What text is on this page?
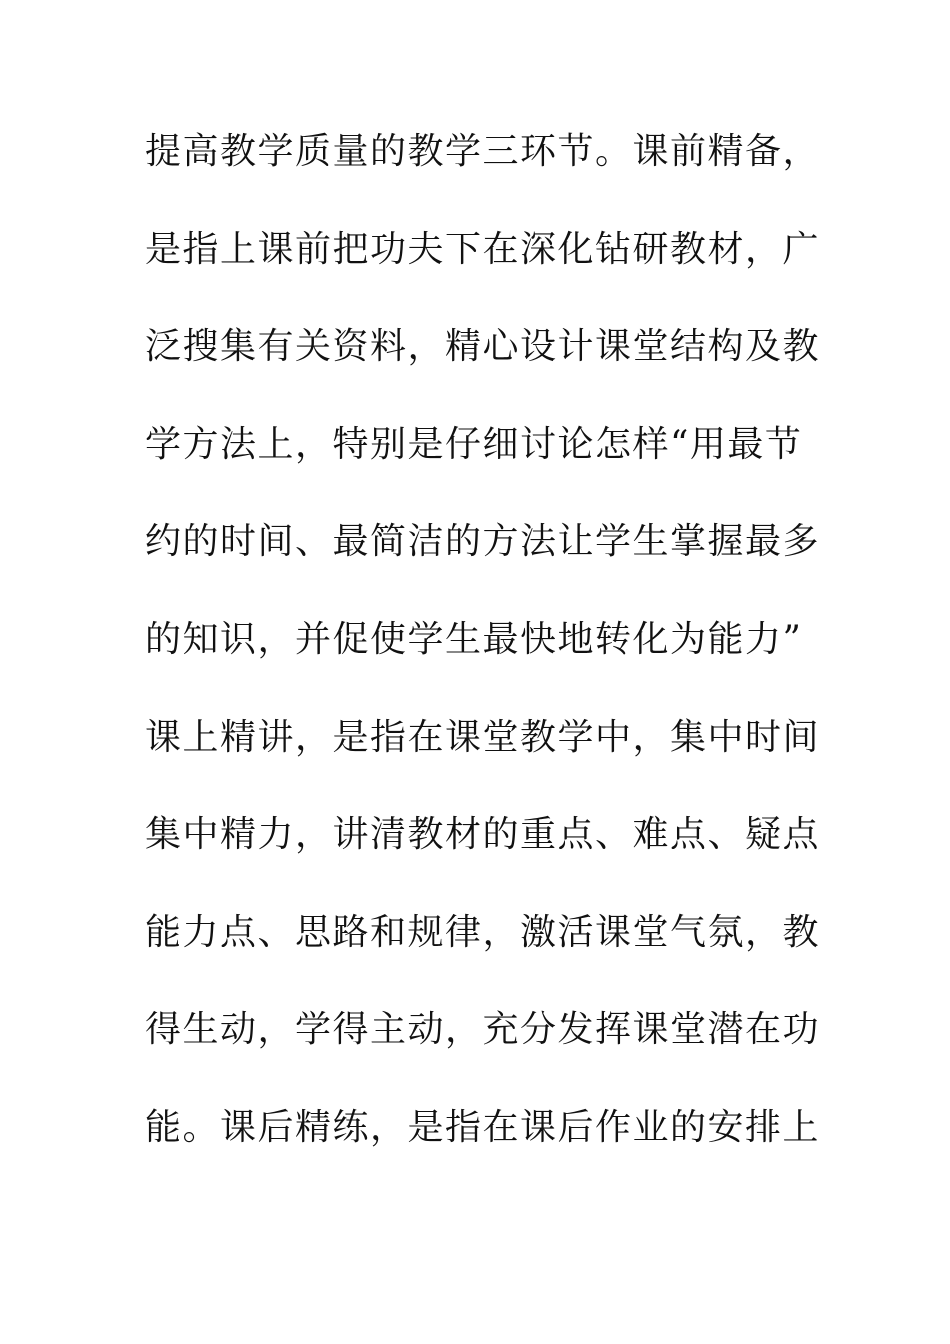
提高教学质量的教学三环节。课前精备，
是指上课前把功夫下在深化钻研教材，广
泛搜集有关资料，精心设计课堂结构及教
学方法上，特别是仔细讨论怎样“用最节
约的时间、最简洁的方法让学生掌握最多
的知识，并促使学生最快地转化为能力”
课上精讲，是指在课堂教学中，集中时间
集中精力，讲清教材的重点、难点、疑点
能力点、思路和规律，激活课堂气氛，教
得生动，学得主动，充分发挥课堂潜在功
能。课后精练，是指在课后作业的安排上
